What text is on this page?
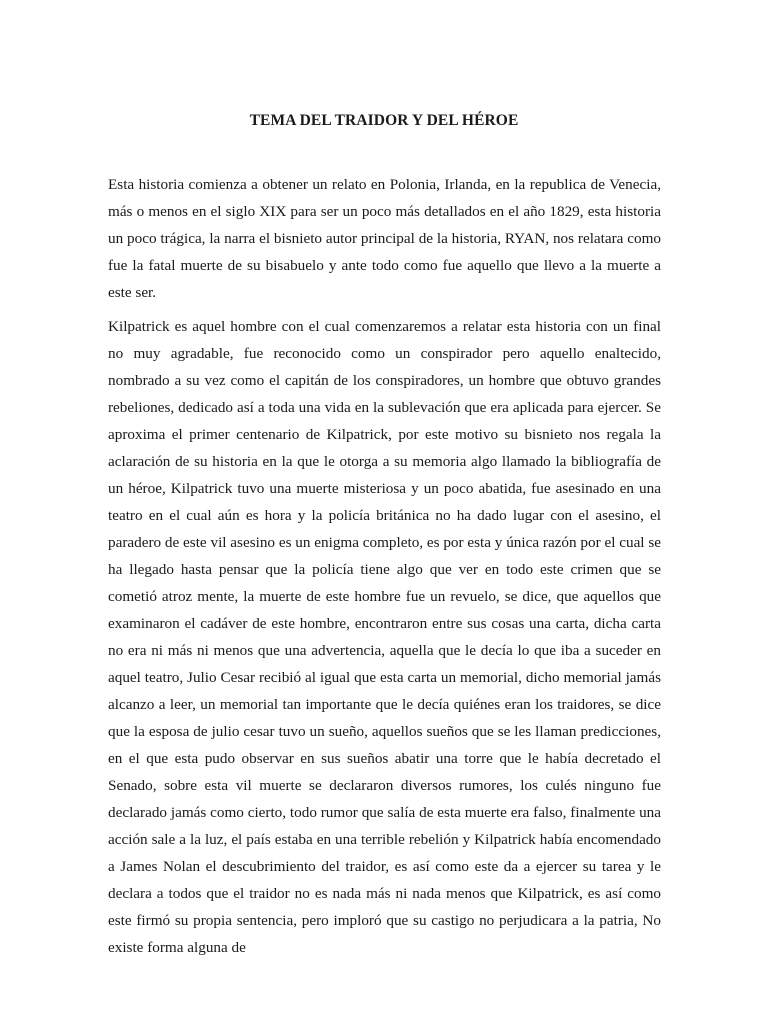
TEMA DEL TRAIDOR Y DEL HÉROE

Esta historia comienza a obtener un relato en Polonia, Irlanda, en la republica de Venecia, más o menos en el siglo XIX para ser un poco más detallados en el año 1829, esta historia un poco trágica, la narra el bisnieto autor principal de la historia, RYAN, nos relatara como fue la fatal muerte de su bisabuelo y ante todo como fue aquello que llevo a la muerte a este ser.

Kilpatrick es aquel hombre con el cual comenzaremos a relatar esta historia con un final no muy agradable, fue reconocido como un conspirador pero aquello enaltecido, nombrado a su vez como el capitán de los conspiradores, un hombre que obtuvo grandes rebeliones, dedicado así a toda una vida en la sublevación que era aplicada para ejercer. Se aproxima el primer centenario de Kilpatrick, por este motivo su bisnieto nos regala la aclaración de su historia en la que le otorga a su memoria algo llamado la bibliografía de un héroe, Kilpatrick tuvo una muerte misteriosa y un poco abatida, fue asesinado en una teatro en el cual aún es hora y la policía británica no ha dado lugar con el asesino, el paradero de este vil asesino es un enigma completo, es por esta y única razón por el cual se ha llegado hasta pensar que la policía tiene algo que ver en todo este crimen que se cometió atroz mente, la muerte de este hombre fue un revuelo, se dice, que aquellos que examinaron el cadáver de este hombre, encontraron entre sus cosas una carta, dicha carta no era ni más ni menos que una advertencia, aquella que le decía lo que iba a suceder en aquel teatro, Julio Cesar recibió al igual que esta carta un memorial, dicho memorial jamás alcanzo a leer, un memorial tan importante que le decía quiénes eran los traidores, se dice que la esposa de julio cesar tuvo un sueño, aquellos sueños que se les llaman predicciones, en el que esta pudo observar en sus sueños abatir una torre que le había decretado el Senado, sobre esta vil muerte se declararon diversos rumores, los culés ninguno fue declarado jamás como cierto, todo rumor que salía de esta muerte era falso, finalmente una acción sale a la luz, el país estaba en una terrible rebelión y Kilpatrick había encomendado a James Nolan el descubrimiento del traidor, es así como este da a ejercer su tarea y le declara a todos que el traidor no es nada más ni nada menos que Kilpatrick, es así como este firmó su propia sentencia, pero imploró que su castigo no perjudicara a la patria, No existe forma alguna de
